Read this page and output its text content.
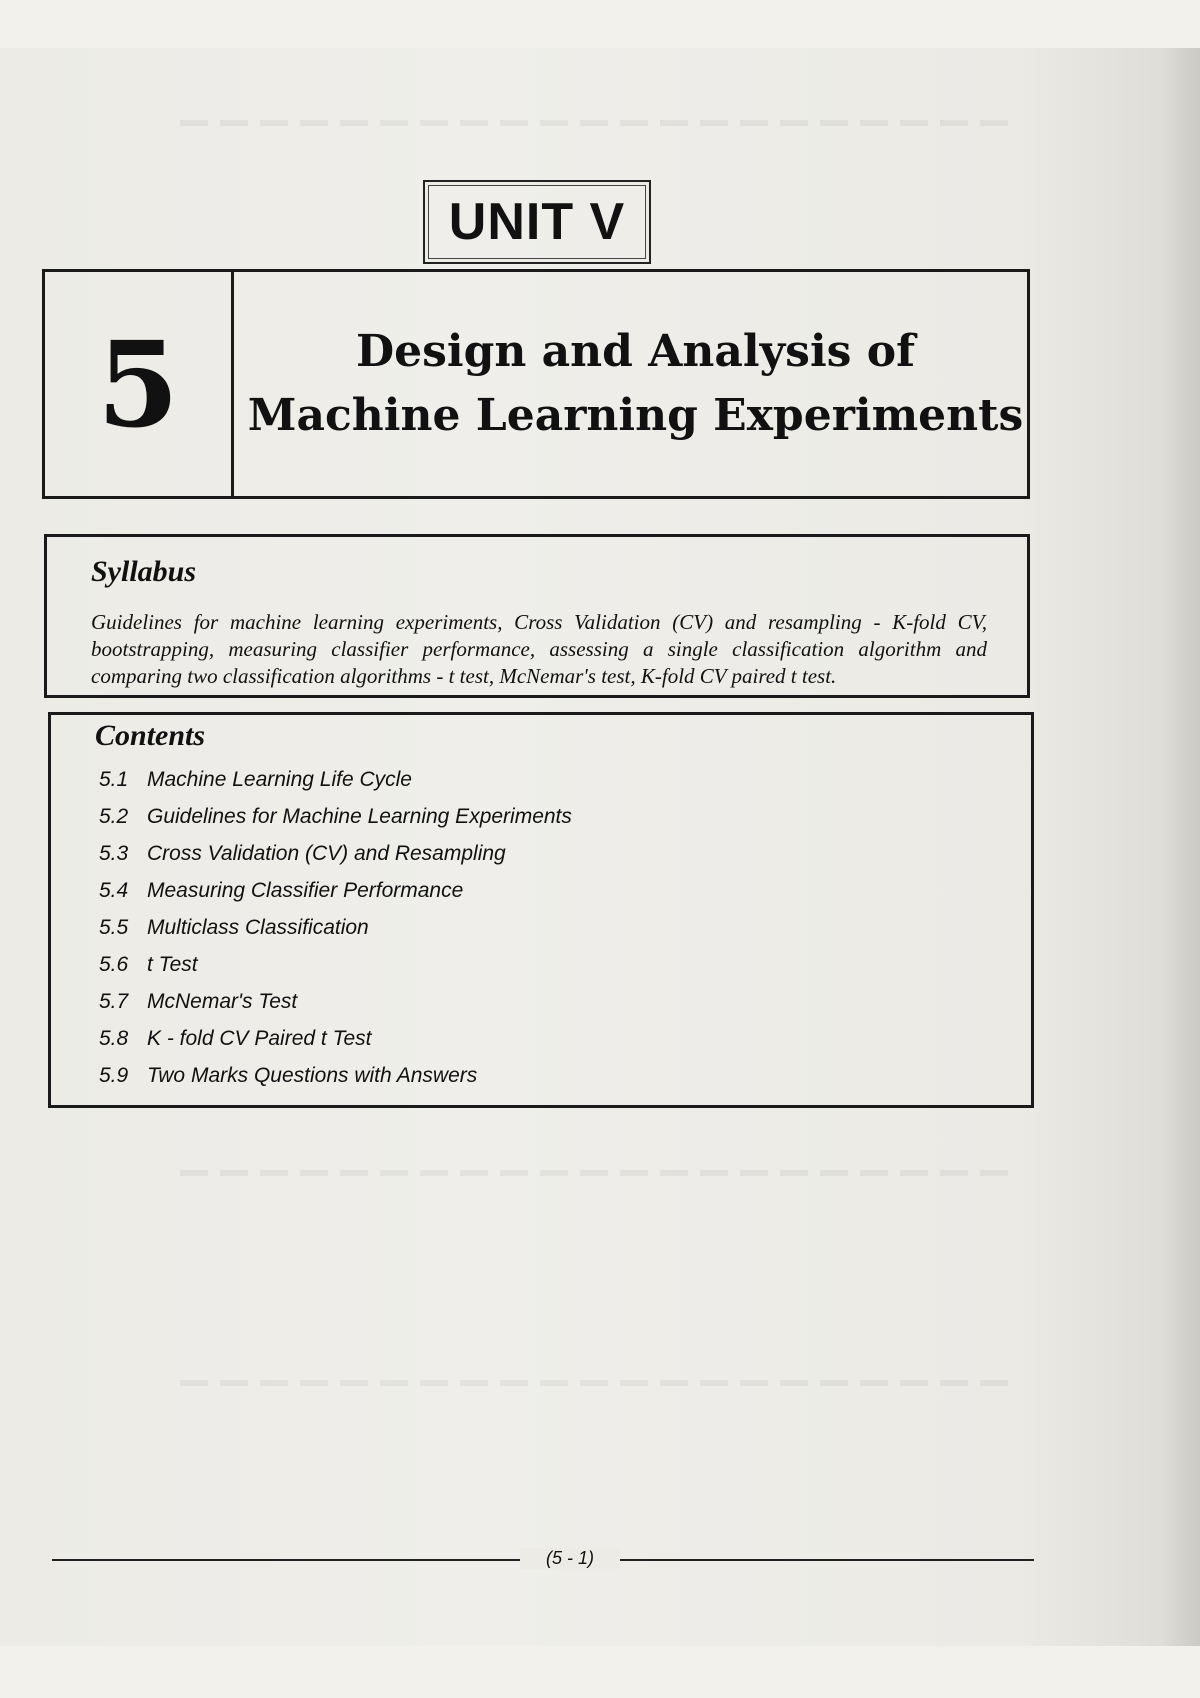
UNIT V
5	Design and Analysis of
Machine Learning Experiments

Syllabus

Guidelines for machine learning experiments, Cross Validation (CV) and resampling - K-fold CV, bootstrapping, measuring classifier performance, assessing a single classification algorithm and comparing two classification algorithms - t test, McNemar's test, K-fold CV paired t test.

Contents

5.1 Machine Learning Life Cycle
5.2 Guidelines for Machine Learning Experiments
5.3 Cross Validation (CV) and Resampling
5.4 Measuring Classifier Performance
5.5 Multiclass Classification
5.6 t Test
5.7 McNemar's Test
5.8 K - fold CV Paired t Test
5.9 Two Marks Questions with Answers
(5 - 1)
